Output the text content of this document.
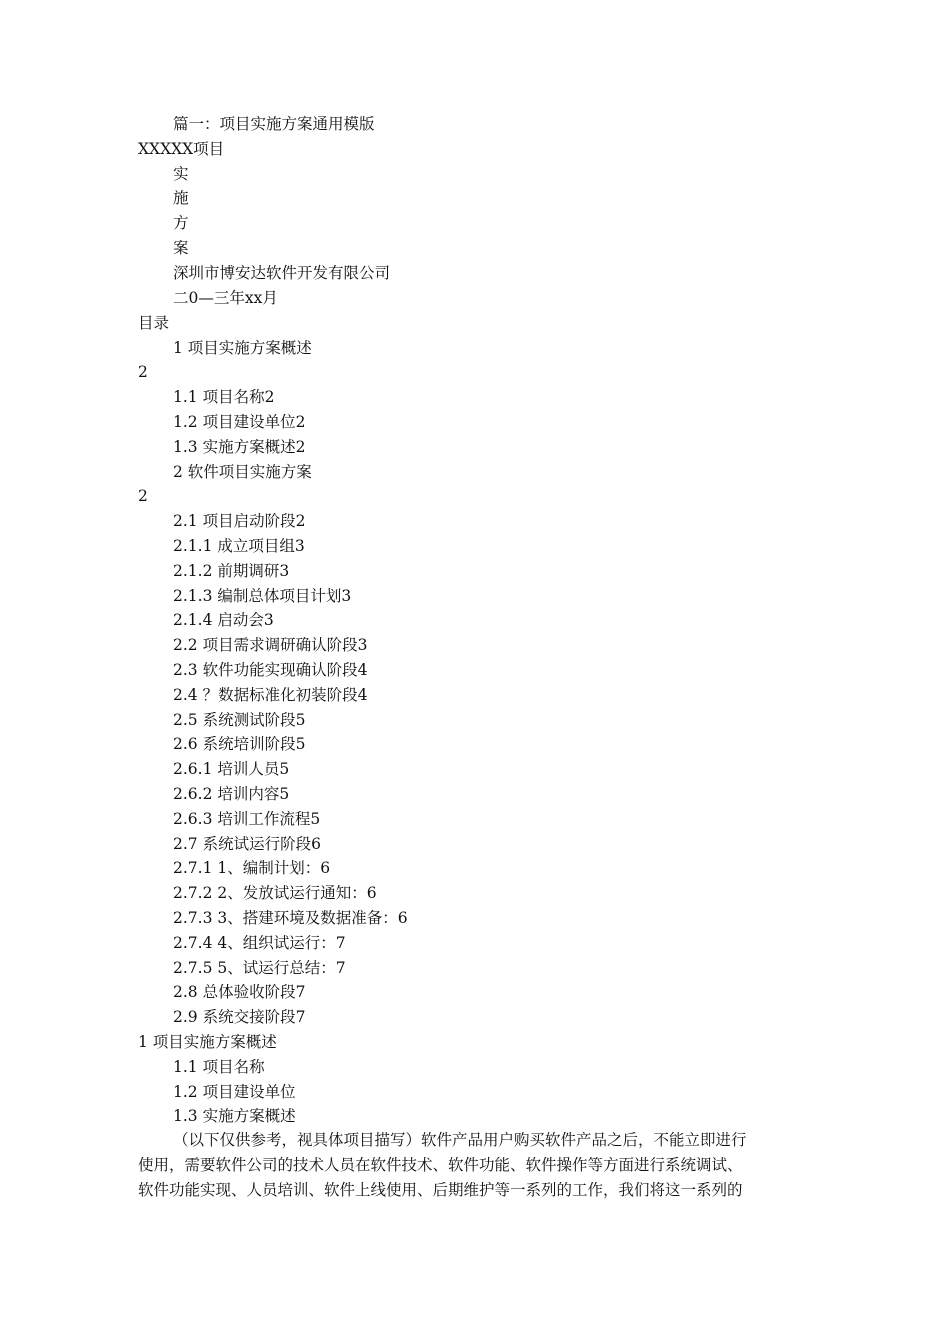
篇一：项目实施方案通用模版
XXXXX项目
实
施
方
案
深圳市博安达软件开发有限公司
二0—三年xx月
目录
1 项目实施方案概述
2
1.1 项目名称2
1.2 项目建设单位2
1.3 实施方案概述2
2 软件项目实施方案
2
2.1 项目启动阶段2
2.1.1 成立项目组3
2.1.2 前期调研3
2.1.3 编制总体项目计划3
2.1.4 启动会3
2.2 项目需求调研确认阶段3
2.3 软件功能实现确认阶段4
2.4 ？数据标准化初装阶段4
2.5 系统测试阶段5
2.6 系统培训阶段5
2.6.1 培训人员5
2.6.2 培训内容5
2.6.3 培训工作流程5
2.7 系统试运行阶段6
2.7.1 1、编制计划：6
2.7.2 2、发放试运行通知：6
2.7.3 3、搭建环境及数据准备：6
2.7.4 4、组织试运行：7
2.7.5 5、试运行总结：7
2.8 总体验收阶段7
2.9 系统交接阶段7
1 项目实施方案概述
1.1 项目名称
1.2 项目建设单位
1.3 实施方案概述
（以下仅供参考，视具体项目描写）软件产品用户购买软件产品之后，不能立即进行
使用，需要软件公司的技术人员在软件技术、软件功能、软件操作等方面进行系统调试、
软件功能实现、人员培训、软件上线使用、后期维护等一系列的工作，我们将这一系列的
